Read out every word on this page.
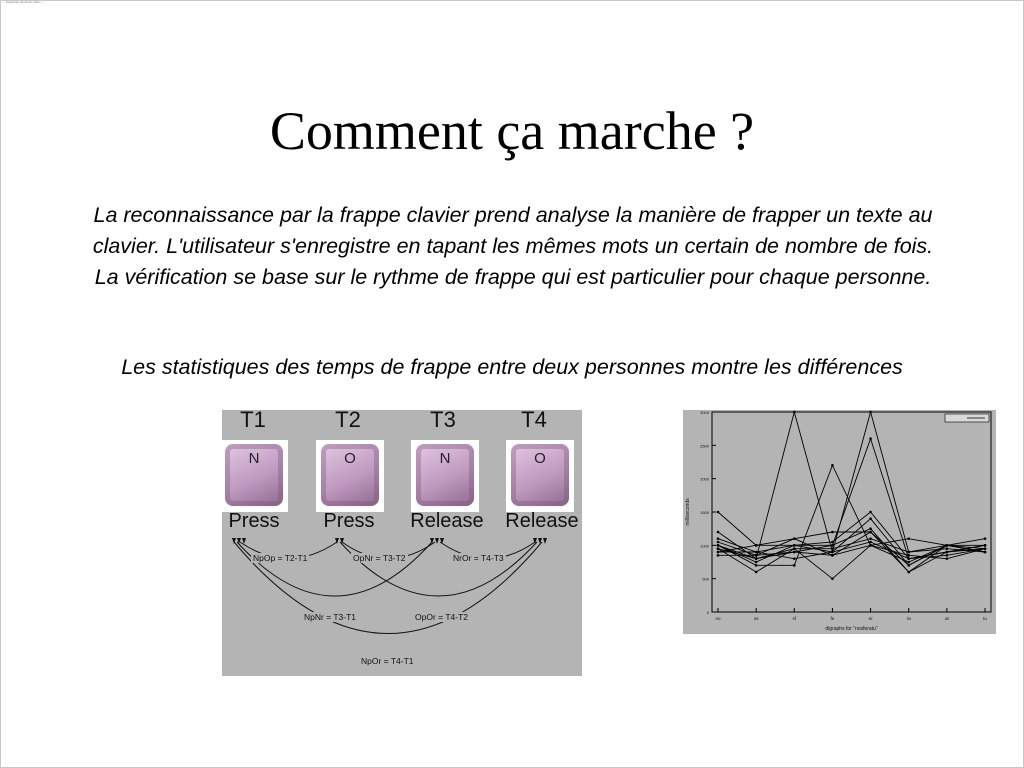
— Keystroke dynamics slide —
Comment ça marche ?
La reconnaissance par la frappe clavier prend analyse la manière de frapper un texte au
clavier. L'utilisateur s'enregistre en tapant les mêmes mots un certain de nombre de fois.
La vérification se base sur le rythme de frappe qui est particulier pour chaque personne.
Les statistiques des temps de frappe entre deux personnes montre les différences
T1	T2	T3	T4
N	O	N	O
Press	Press	Release	Release
NpOp = T2-T1	OpNr = T3-T2	NrOr = T4-T3
NpNr = T3-T1	OpOr = T4-T2
NpOr = T4-T1
0
500
1000
1500
2000
2500
3000
no	os	sf	fe	er	ra	at	tu
digraphs for "nosferatu"
milliseconds
